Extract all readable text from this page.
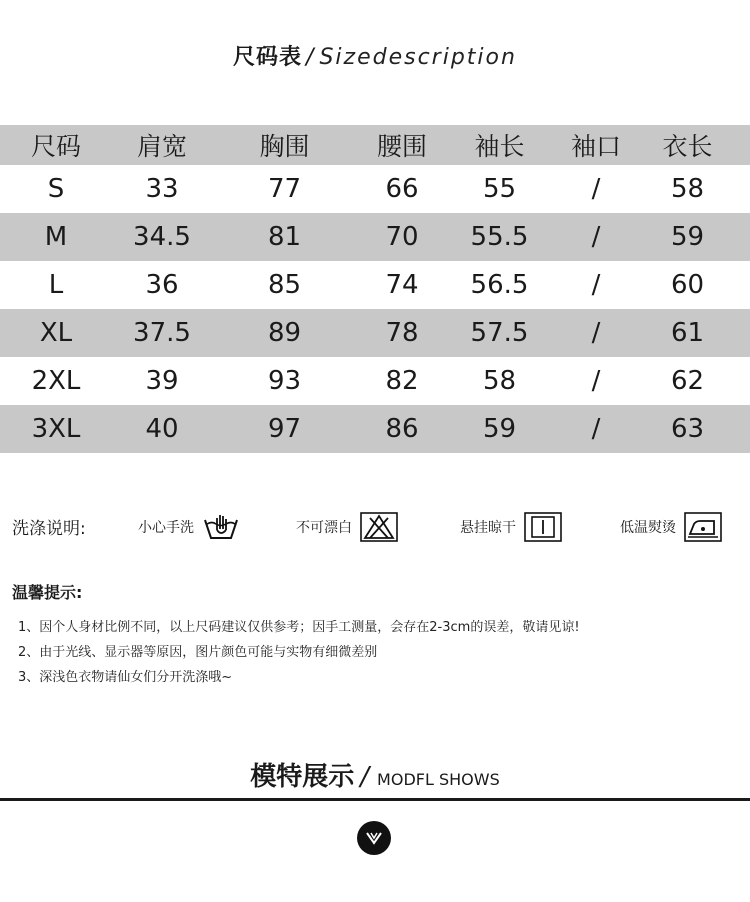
尺码表 / Sizedescription
尺码	肩宽	胸围	腰围	袖长	袖口	衣长
S	33	77	66	55	/	58
M	34.5	81	70	55.5	/	59
L	36	85	74	56.5	/	60
XL	37.5	89	78	57.5	/	61
2XL	39	93	82	58	/	62
3XL	40	97	86	59	/	63
洗涤说明:	小心手洗	不可漂白	悬挂晾干	低温熨烫
温馨提示:
1、因个人身材比例不同，以上尺码建议仅供参考；因手工测量，会存在2-3cm的误差，敬请见谅!
2、由于光线、显示器等原因，图片颜色可能与实物有细微差别
3、深浅色衣物请仙女们分开洗涤哦~
模特展示 / MODFL SHOWS
